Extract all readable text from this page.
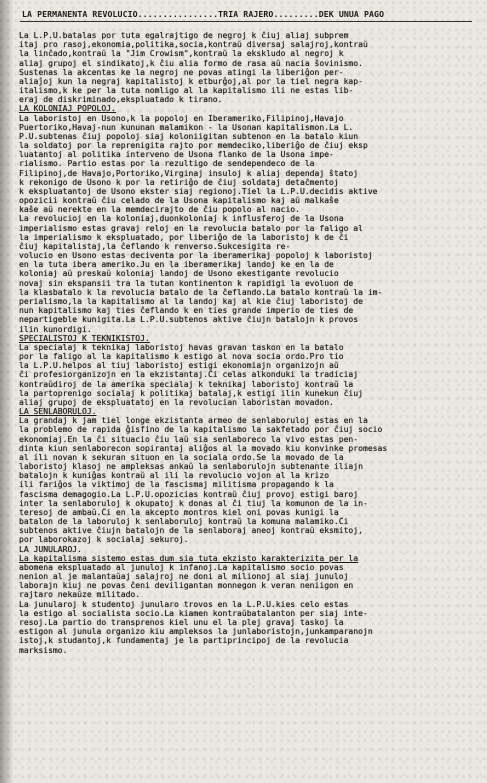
LA PERMANENTA REVOLUCIO................TRIA RAJERO.........DEK UNUA PAGO
La L.P.U.batalas por tuta egalrajtigo de negroj k ĉiuj aliaj subprem
itaj pro rasoj,ekonomia,politika,socia,kontraŭ diversaj salajroj,kontraŭ
la linĉado,kontraŭ la "Jim Crowism",kontraŭ la ekskludo al negroj k
aliaj grupoj el sindikatoj,k ĉiu alia formo de rasa aŭ nacia ŝovinismo.
Sustenas la akcentas ke la negroj ne povas atingi la liberiĝon per-
aliaĵoj kun la negraj kapitalistoj k etburĝoj,al por la tiel negra kap-
italismo,k ke per la tuta nomligo al la kapitalismo ili ne estas lib-
eraj de diskriminado,ekspluatado k tirano.
LA KOLONIAJ POPOLOJ.
La laboristoj en Usono,k la popoloj en Iberameriko,Filipinoj,Havajo
Puertoriko,Havaj-nun kununan malamikon - la Usonan kapitalismon.La L.
P.U.subtenas ĉiuj popoloj siaj koloniigitan subtenon en la batalo kiun
la soldatoj por la reprenigita rajto por memdeciko,liberiĝo de ĉiuj eksp
luatantoj al politika interveno de Usona flanko de la Usona impe-
rialismo. Partio estas por la rezultigo de sendependeco de la
Filipinoj,de Havajo,Portoriko,Virginaj insuloj k aliaj dependaj ŝtatoj
k rekonigo de Usono k por la retiriĝo de ĉiuj soldataj detaĉmentoj
k ekspluatantoj de Usono ekster siaj regionoj.Tiel la L.P.U.decidis aktive
opozicii kontraŭ ĉiu celado de la Usona kapitalismo kaj aŭ malkaŝe
kaŝe aŭ nerekte en la memdecirajto de ĉiu popolo al nacio.
La revolucioj en la koloniaj,duonkoloniaj k influsferoj de la Usona
imperialismo estas gravaj reloj en la revolucia batalo por la faligo al
la imperialismo k ekspluatado, por liberiĝo de la laboristoj k de ĉi
ĉiuj kapitalistaj,la ĉeflando k renverso.Sukcesigita re-
volucio en Usono estas deciventa por la iberamerikaj popoloj k laboristoj
en la tuta ibera ameriko.Ju en la iberamerikaj landoj ke en la de
koloniaj aŭ preskaŭ koloniaj landoj de Usono ekestigante revolucio
novaj sin ekspansii tra la tutan kontinenton k rapidigi la evoluon de
la klasbatalo k la revolucia batalo de la ĉeflando.La batalo kontraŭ la im-
perialismo,la la kapitalismo al la landoj kaj al kie ĉiuj laboristoj de
nun kapitalismo kaj ties ĉeflando k en ties grande imperio de ties de
nepartigeble kunigita.La L.P.U.subtenos aktive ĉiujn batalojn k provos
ilin kunordigi.
SPECIALISTOJ K TEKNIKISTOJ.
La specialaj k teknikaj laboristoj havas gravan taskon en la batalo
por la faligo al la kapitalismo k estigo al nova socia ordo.Pro tio
la L.P.U.helpos al tiuj laboristoj estigi ekonomiajn organizojn aŭ
ĉi profesiorganizojn en la ekzistantaj.Ĉi celas alkonduki la tradiciaj
kontraŭdiroj de la amerika specialaj k teknikaj laboristoj kontraŭ la
la partoprenigo socialaj k politikaj batalaj,k estigi ilin kunekun ĉiuj
aliaj grupoj de ekspluatatoj en la revolucian laboristan movadon.
LA SENLABORULOJ.
La grandaj k jam tiel longe ekzistanta armeo de senlaboruloj estas en la
la problemo de rapida ĝisfino de la kapitalismo la sakfetado por ĉiuj socio
ekonomiaj.En la ĉi situacio ĉiu laŭ sia senlaboreco la vivo estas pen-
dinta kiun senlaborecon sopirantaj aliĝos al la movado kiu konvinke promesas
al ili novan k sekuran situon en la sociala ordo.Se la movado de la
laboristoj klasoj ne ampleksas ankaŭ la senlaborulojn subtenante iliajn
batalojn k kuniĝas kontraŭ al ili la revolucio vojon al la krizo
ili fariĝos la viktimoj de la fascismaj militisma propagando k la
fascisma demagogio.La L.P.U.opozicias kontraŭ ĉiuj provoj estigi baroj
inter la senlaboruloj k okupatoj k donas al ĉi tiuj la komunon de la in-
teresoj de ambaŭ.Ĉi en la akcepto montros kiel oni povas kunigi la
batalon de la laboruloj k senlaboruloj kontraŭ la komuna malamiko.Ĉi
subtenos aktive ĉiujn batalojn de la senlaboraj aneoj kontraŭ eksmitoj,
por laborokazoj k socialaj sekuroj.
LA JUNULAROJ.
La kapitalisma sistemo estas dum sia tuta ekzisto karakterizita per la
abomena ekspluatado al junuloj k infanoj.La kapitalismo socio povas
nenion al je malantaŭaj salajroj ne doni al milionoj al siaj junuloj
laborajn kiuj ne povas ĉeni deviligantan monnegon k veran neniigon en
rajtaro nekaŭze militado.
La junularoj k studentoj junularo trovos en la L.P.U.kies celo estas
la estigo al socialista socio.La kiamen kontraŭbatalanton per siaj inte-
resoj.La partio do transprenos kiel unu el la plej gravaj taskoj la
estigon al junula organizo kiu ampleksos la junlaboristojn,junkamparanojn
istoj,k studantoj,k fundamentaj je la partiprincipoj de la revolucia
marksismo.
